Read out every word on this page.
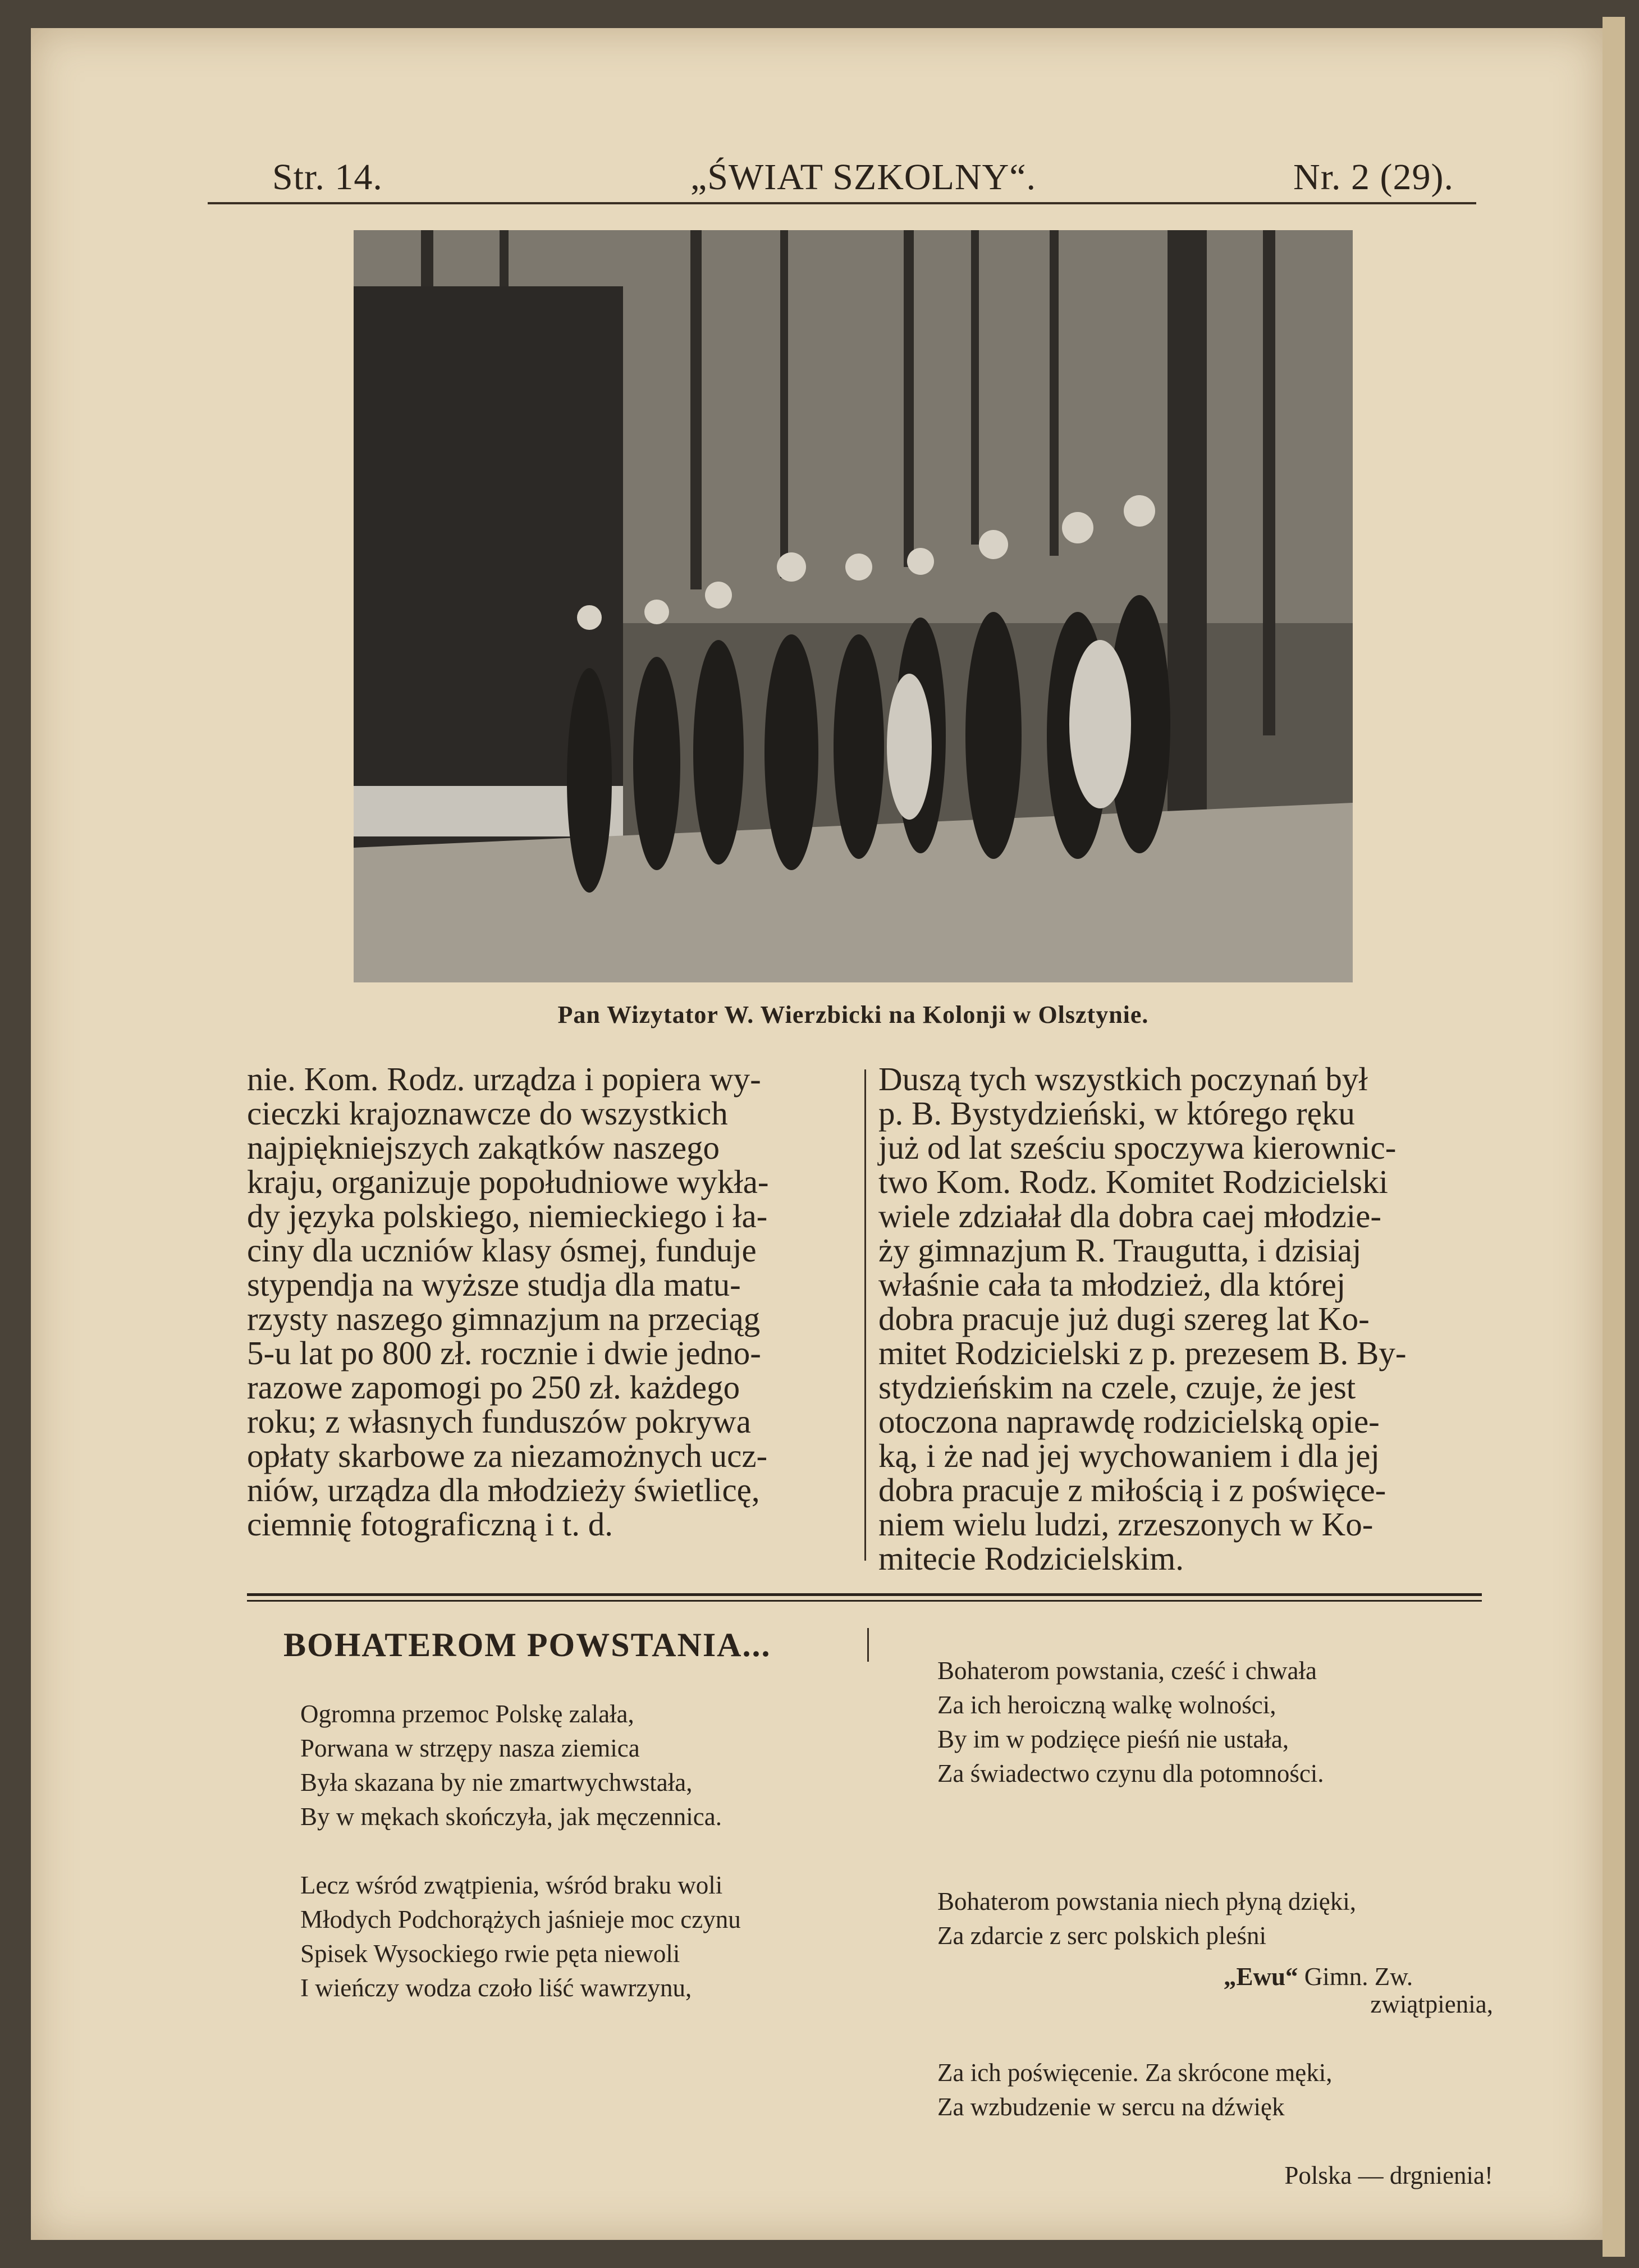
Str. 14.	„ŚWIAT SZKOLNY“.	Nr. 2 (29).
Pan Wizytator W. Wierzbicki na Kolonji w Olsztynie.
nie. Kom. Rodz. urządza i popiera wy-
cieczki krajoznawcze do wszystkich
najpiękniejszych zakątków naszego
kraju, organizuje popołudniowe wykła-
dy języka polskiego, niemieckiego i ła-
ciny dla uczniów klasy ósmej, funduje
stypendja na wyższe studja dla matu-
rzysty naszego gimnazjum na przeciąg
5-u lat po 800 zł. rocznie i dwie jedno-
razowe zapomogi po 250 zł. każdego
roku; z własnych funduszów pokrywa
opłaty skarbowe za niezamożnych ucz-
niów, urządza dla młodzieży świetlicę,
ciemnię fotograficzną i t. d.
Duszą tych wszystkich poczynań był
p. B. Bystydzieński, w którego ręku
już od lat sześciu spoczywa kierownic-
two Kom. Rodz. Komitet Rodzicielski
wiele zdziałał dla dobra caej młodzie-
ży gimnazjum R. Traugutta, i dzisiaj
właśnie cała ta młodzież, dla której
dobra pracuje już dugi szereg lat Ko-
mitet Rodzicielski z p. prezesem B. By-
stydzieńskim na czele, czuje, że jest
otoczona naprawdę rodzicielską opie-
ką, i że nad jej wychowaniem i dla jej
dobra pracuje z miłością i z poświęce-
niem wielu ludzi, zrzeszonych w Ko-
mitecie Rodzicielskim.
BOHATEROM POWSTANIA...
Ogromna przemoc Polskę zalała,
Porwana w strzępy nasza ziemica
Była skazana by nie zmartwychwstała,
By w mękach skończyła, jak męczennica.

Lecz wśród zwątpienia, wśród braku woli
Młodych Podchorążych jaśnieje moc czynu
Spisek Wysockiego rwie pęta niewoli
I wieńczy wodza czoło liść wawrzynu,

Bohaterom powstania, cześć i chwała
Za ich heroiczną walkę wolności,
By im w podzięce pieśń nie ustała,
Za świadectwo czynu dla potomności.

Bohaterom powstania niech płyną dzięki,
Za zdarcie z serc polskich pleśni

zwiątpienia,

Za ich poświęcenie. Za skrócone męki,
Za wzbudzenie w sercu na dźwięk

Polska — drgnienia!

„Ewu“ Gimn. Zw.
